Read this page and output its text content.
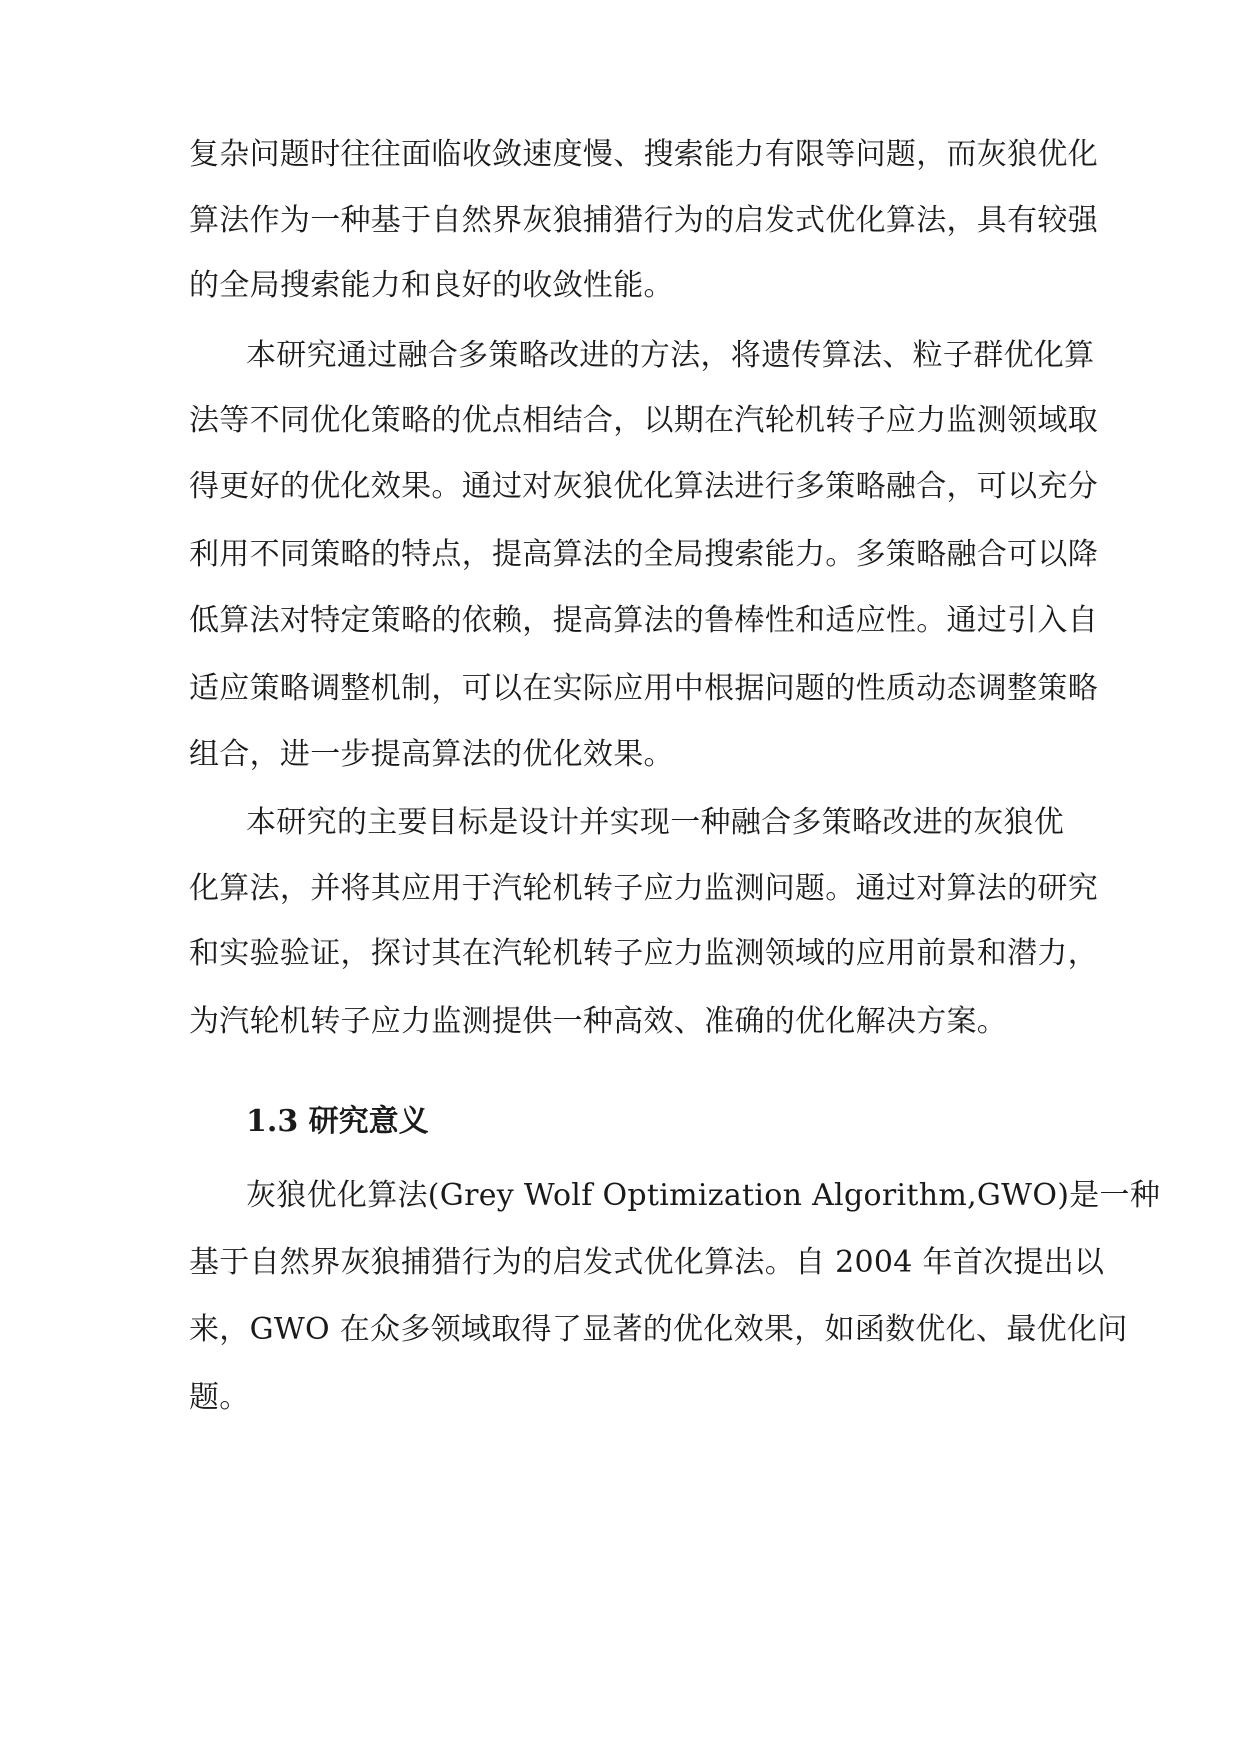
复杂问题时往往面临收敛速度慢、搜索能力有限等问题，而灰狼优化
算法作为一种基于自然界灰狼捕猎行为的启发式优化算法，具有较强
的全局搜索能力和良好的收敛性能。
本研究通过融合多策略改进的方法，将遗传算法、粒子群优化算
法等不同优化策略的优点相结合，以期在汽轮机转子应力监测领域取
得更好的优化效果。通过对灰狼优化算法进行多策略融合，可以充分
利用不同策略的特点，提高算法的全局搜索能力。多策略融合可以降
低算法对特定策略的依赖，提高算法的鲁棒性和适应性。通过引入自
适应策略调整机制，可以在实际应用中根据问题的性质动态调整策略
组合，进一步提高算法的优化效果。
本研究的主要目标是设计并实现一种融合多策略改进的灰狼优
化算法，并将其应用于汽轮机转子应力监测问题。通过对算法的研究
和实验验证，探讨其在汽轮机转子应力监测领域的应用前景和潜力，
为汽轮机转子应力监测提供一种高效、准确的优化解决方案。
1.3 研究意义
灰狼优化算法(Grey Wolf Optimization Algorithm,GWO)是一种
基于自然界灰狼捕猎行为的启发式优化算法。自 2004 年首次提出以
来，GWO 在众多领域取得了显著的优化效果，如函数优化、最优化问
题。
